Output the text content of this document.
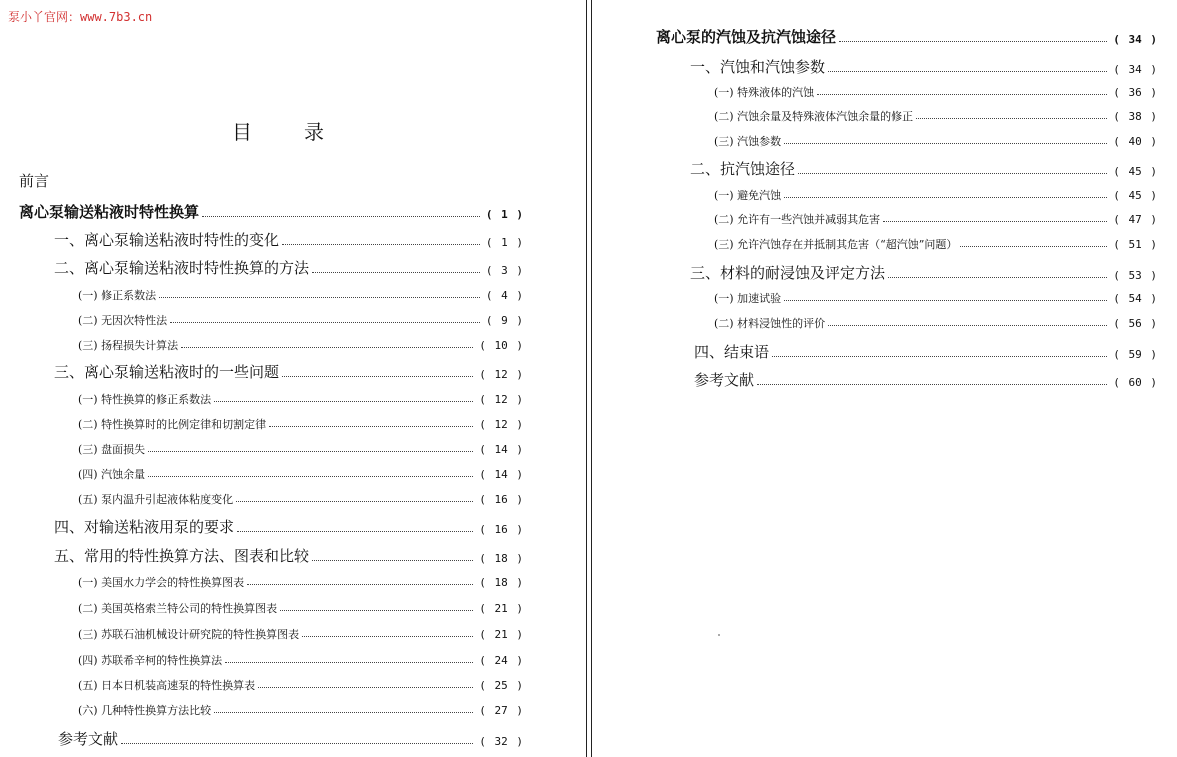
泵小丫官网：www.7b3.cn
目录
前言
离心泵输送粘液时特性换算	( 1 )
一、离心泵输送粘液时特性的变化	( 1 )
二、离心泵输送粘液时特性换算的方法	( 3 )
(一) 修正系数法	( 4 )
(二) 无因次特性法	( 9 )
(三) 扬程损失计算法	( 10 )
三、离心泵输送粘液时的一些问题	( 12 )
(一) 特性换算的修正系数法	( 12 )
(二) 特性换算时的比例定律和切割定律	( 12 )
(三) 盘面损失	( 14 )
(四) 汽蚀余量	( 14 )
(五) 泵内温升引起液体粘度变化	( 16 )
四、对输送粘液用泵的要求	( 16 )
五、常用的特性换算方法、图表和比较	( 18 )
(一) 美国水力学会的特性换算图表	( 18 )
(二) 美国英格索兰特公司的特性换算图表	( 21 )
(三) 苏联石油机械设计研究院的特性换算图表	( 21 )
(四) 苏联希辛柯的特性换算法	( 24 )
(五) 日本日机装高速泵的特性换算表	( 25 )
(六) 几种特性换算方法比较	( 27 )
参考文献	( 32 )
离心泵的汽蚀及抗汽蚀途径	( 34 )
一、汽蚀和汽蚀参数	( 34 )
(一) 特殊液体的汽蚀	( 36 )
(二) 汽蚀余量及特殊液体汽蚀余量的修正	( 38 )
(三) 汽蚀参数	( 40 )
二、抗汽蚀途径	( 45 )
(一) 避免汽蚀	( 45 )
(二) 允许有一些汽蚀并减弱其危害	( 47 )
(三) 允许汽蚀存在并抵制其危害（“超汽蚀”问题）	( 51 )
三、材料的耐浸蚀及评定方法	( 53 )
(一) 加速试验	( 54 )
(二) 材料浸蚀性的评价	( 56 )
四、结束语	( 59 )
参考文献	( 60 )
